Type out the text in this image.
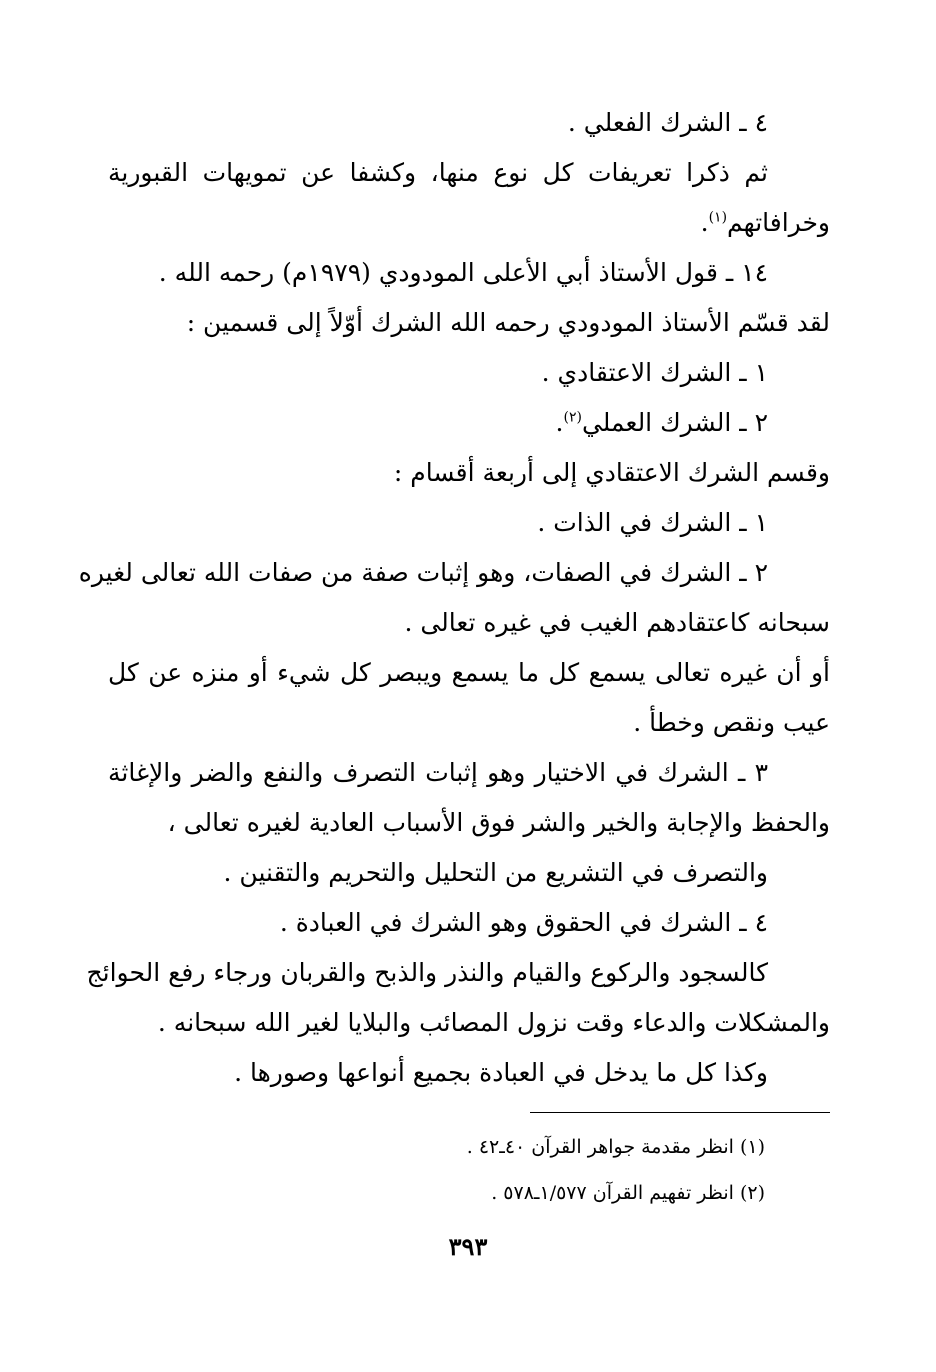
٤ ـ الشرك الفعلي .
ثم ذكرا تعريفات كل نوع منها، وكشفا عن تمويهات القبورية
وخرافاتهم$^{(١)}$.
١٤ ـ قول الأستاذ أبي الأعلى المودودي (١٩٧٩م) رحمه الله .
لقد قسّم الأستاذ المودودي رحمه الله الشرك أوّلاً إلى قسمين :
١ ـ الشرك الاعتقادي .
٢ ـ الشرك العملي$^{(٢)}$.
وقسم الشرك الاعتقادي إلى أربعة أقسام :
١ ـ الشرك في الذات .
٢ ـ الشرك في الصفات، وهو إثبات صفة من صفات الله تعالى لغيره
سبحانه كاعتقادهم الغيب في غيره تعالى .
أو أن غيره تعالى يسمع كل ما يسمع ويبصر كل شيء أو منزه عن كل
عيب ونقص وخطأ .
٣ ـ الشرك في الاختيار وهو إثبات التصرف والنفع والضر والإغاثة
والحفظ والإجابة والخير والشر فوق الأسباب العادية لغيره تعالى ،
والتصرف في التشريع من التحليل والتحريم والتقنين .
٤ ـ الشرك في الحقوق وهو الشرك في العبادة .
كالسجود والركوع والقيام والنذر والذبح والقربان ورجاء رفع الحوائج
والمشكلات والدعاء وقت نزول المصائب والبلايا لغير الله سبحانه .
وكذا كل ما يدخل في العبادة بجميع أنواعها وصورها .
(١) انظر مقدمة جواهر القرآن ٤٠ـ٤٢ .
(٢) انظر تفهيم القرآن ١/٥٧٧ـ٥٧٨ .
٣٩٣
